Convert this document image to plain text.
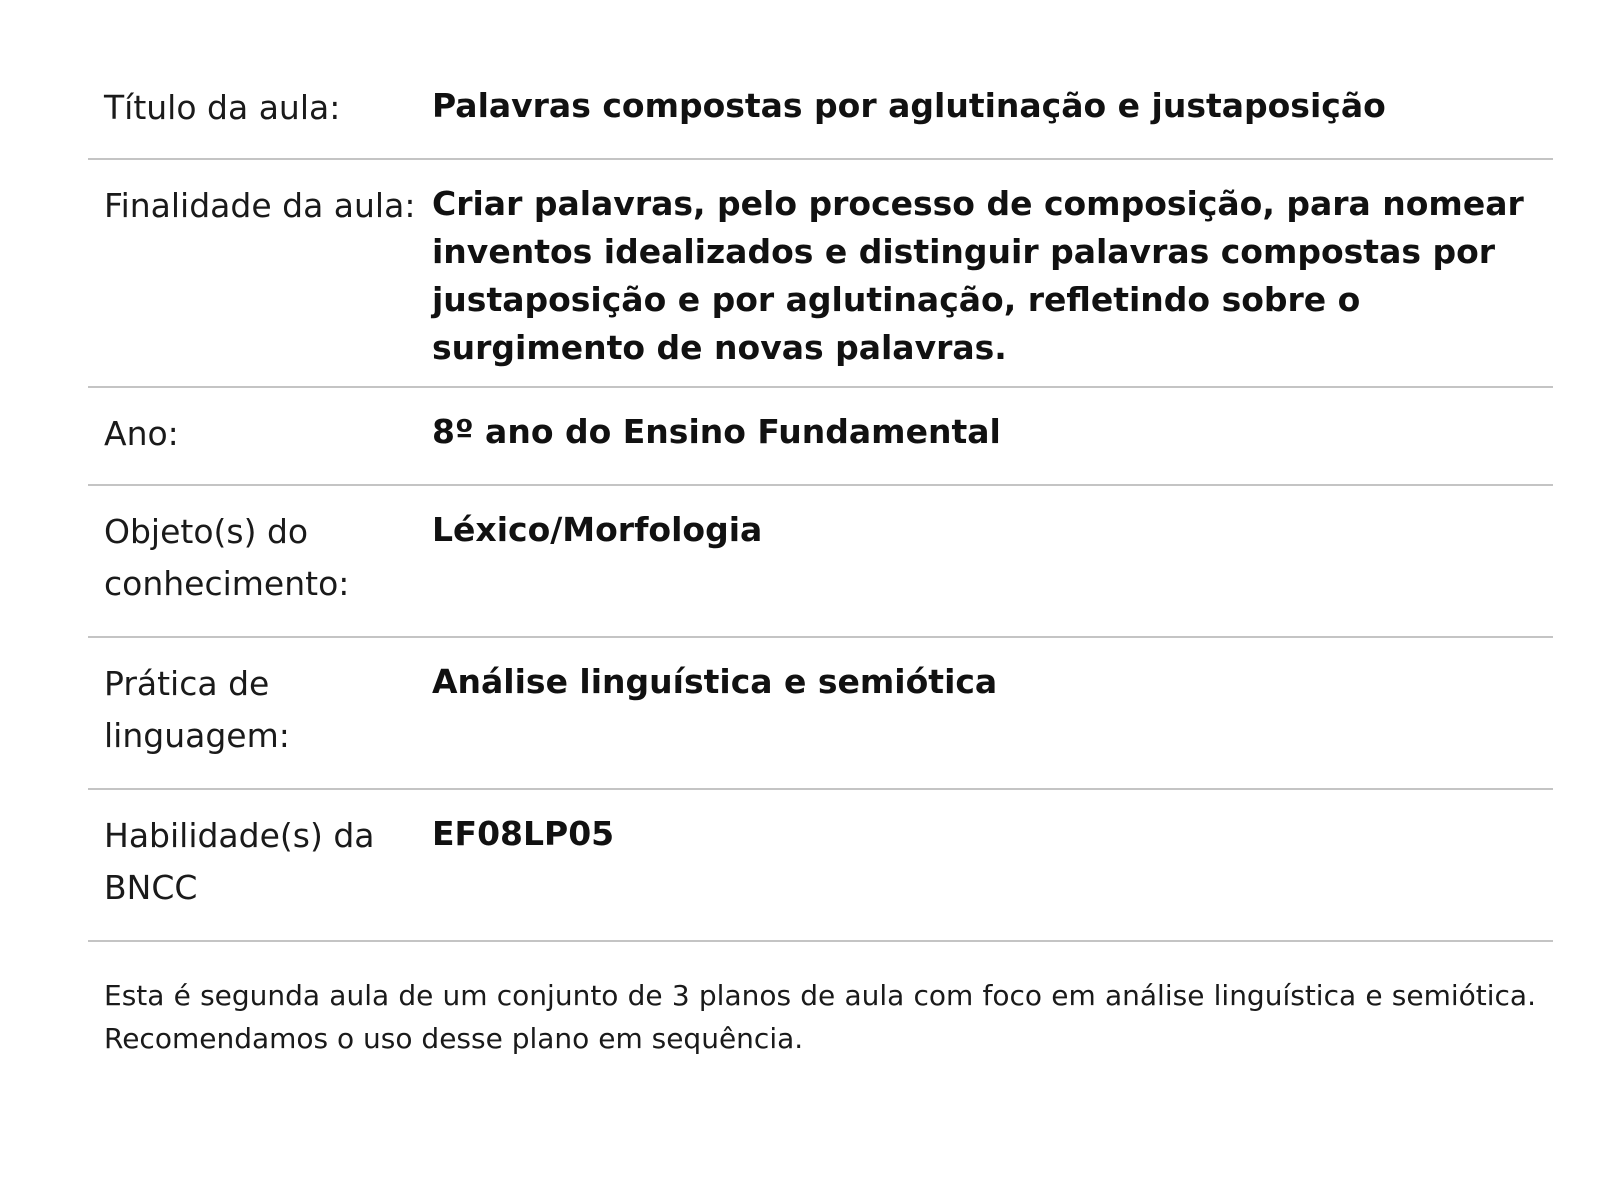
Título da aula:	Palavras compostas por aglutinação e justaposição
Finalidade da aula:	Criar palavras, pelo processo de composição, para nomear inventos idealizados e distinguir palavras compostas por justaposição e por aglutinação, refletindo sobre o surgimento de novas palavras.
Ano:	8º ano do Ensino Fundamental
Objeto(s) do conhecimento:	Léxico/Morfologia
Prática de linguagem:	Análise linguística e semiótica
Habilidade(s) da BNCC	EF08LP05

Esta é segunda aula de um conjunto de 3 planos de aula com foco em análise linguística e semiótica. Recomendamos o uso desse plano em sequência.
